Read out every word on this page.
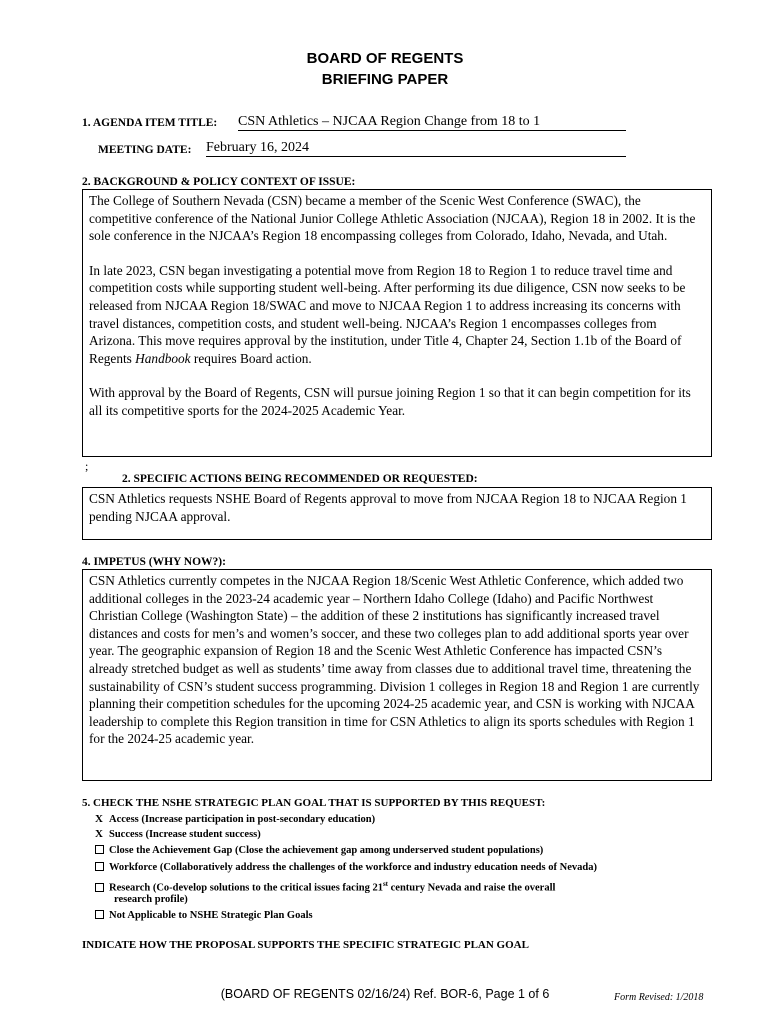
BOARD OF REGENTS
BRIEFING PAPER
1. AGENDA ITEM TITLE: CSN Athletics – NJCAA Region Change from 18 to 1
MEETING DATE: February 16, 2024
2. BACKGROUND & POLICY CONTEXT OF ISSUE:

The College of Southern Nevada (CSN) became a member of the Scenic West Conference (SWAC), the competitive conference of the National Junior College Athletic Association (NJCAA), Region 18 in 2002. It is the sole conference in the NJCAA’s Region 18 encompassing colleges from Colorado, Idaho, Nevada, and Utah.

In late 2023, CSN began investigating a potential move from Region 18 to Region 1 to reduce travel time and competition costs while supporting student well-being. After performing its due diligence, CSN now seeks to be released from NJCAA Region 18/SWAC and move to NJCAA Region 1 to address increasing its concerns with travel distances, competition costs, and student well-being. NJCAA’s Region 1 encompasses colleges from Arizona. This move requires approval by the institution, under Title 4, Chapter 24, Section 1.1b of the Board of Regents Handbook requires Board action.

With approval by the Board of Regents, CSN will pursue joining Region 1 so that it can begin competition for its all its competitive sports for the 2024-2025 Academic Year.

;
2. SPECIFIC ACTIONS BEING RECOMMENDED OR REQUESTED:

CSN Athletics requests NSHE Board of Regents approval to move from NJCAA Region 18 to NJCAA Region 1 pending NJCAA approval.

4. IMPETUS (WHY NOW?):

CSN Athletics currently competes in the NJCAA Region 18/Scenic West Athletic Conference, which added two additional colleges in the 2023-24 academic year – Northern Idaho College (Idaho) and Pacific Northwest Christian College (Washington State) – the addition of these 2 institutions has significantly increased travel distances and costs for men’s and women’s soccer, and these two colleges plan to add additional sports year over year. The geographic expansion of Region 18 and the Scenic West Athletic Conference has impacted CSN’s already stretched budget as well as students’ time away from classes due to additional travel time, threatening the sustainability of CSN’s student success programming. Division 1 colleges in Region 18 and Region 1 are currently planning their competition schedules for the upcoming 2024-25 academic year, and CSN is working with NJCAA leadership to complete this Region transition in time for CSN Athletics to align its sports schedules with Region 1 for the 2024-25 academic year.

5. CHECK THE NSHE STRATEGIC PLAN GOAL THAT IS SUPPORTED BY THIS REQUEST:
X Access (Increase participation in post-secondary education)
X Success (Increase student success)
Close the Achievement Gap (Close the achievement gap among underserved student populations)
Workforce (Collaboratively address the challenges of the workforce and industry education needs of Nevada)
Research (Co-develop solutions to the critical issues facing 21st century Nevada and raise the overall
research profile)
Not Applicable to NSHE Strategic Plan Goals
INDICATE HOW THE PROPOSAL SUPPORTS THE SPECIFIC STRATEGIC PLAN GOAL
(BOARD OF REGENTS 02/16/24) Ref. BOR-6, Page 1 of 6	Form Revised: 1/2018
